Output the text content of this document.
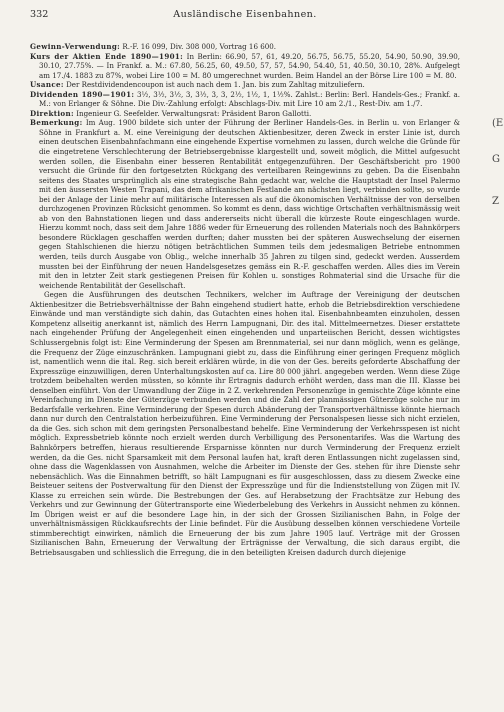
332	Ausländische Eisenbahnen.

Gewinn-Verwendung: R.-F. 16 099, Div. 308 000, Vortrag 16 600.

Kurs der Aktien Ende 1890—1901: In Berlin: 66.90, 57, 61, 49.20, 56.75, 56.75, 55.20, 54.90, 50.90, 39.90, 30.10, 27.75%. — In Frankf. a. M.: 67.80, 56.25, 60, 49.50, 57, 57, 54.90, 54.40, 51, 40.50, 30.10, 28%. Aufgelegt am 17./4. 1883 zu 87%, wobei Lire 100 = M. 80 umgerechnet wurden. Beim Handel an der Börse Lire 100 = M. 80.

Usance: Der Restdividendencoupon ist auch nach dem 1. Jan. bis zum Zahltag mitzuliefern.

Dividenden 1890—1901: 3½, 3½, 3½, 3, 3½, 3, 3, 2½, 1½, 1, 1½%. Zahlst.: Berlin: Berl. Handels-Ges.; Frankf. a. M.: von Erlanger & Söhne. Die Div.-Zahlung erfolgt: Abschlags-Div. mit Lire 10 am 2./1., Rest-Div. am 1./7.

Direktion: Ingenieur G. Seefelder. Verwaltungsrat: Präsident Baron Gallotti.

Bemerkung: Im Aug. 1900 bildete sich unter der Führung der Berliner Handels-Ges. in Berlin u. von Erlanger & Söhne in Frankfurt a. M. eine Vereinigung der deutschen Aktienbesitzer, deren Zweck in erster Linie ist, durch einen deutschen Eisenbahnfachmann eine eingehende Expertise vornehmen zu lassen, durch welche die Gründe für die eingetretene Verschlechterung der Betriebsergebnisse klargestellt und, soweit möglich, die Mittel aufgesucht werden sollen, die Eisenbahn einer besseren Rentabilität entgegenzuführen. Der Geschäftsbericht pro 1900 versucht die Gründe für den fortgesetzten Rückgang des verteilbaren Reingewinns zu geben. Da die Eisenbahn seitens des Staates ursprünglich als eine strategische Bahn gedacht war, welche die Hauptstadt der Insel Palermo mit den äussersten Westen Trapani, das dem afrikanischen Festlande am nächsten liegt, verbinden sollte, so wurde bei der Anlage der Linie mehr auf militärische Interessen als auf die ökonomischen Verhältnisse der von derselben durchzogenen Provinzen Rücksicht genommen. So kommt es denn, dass wichtige Ortschaften verhältnismässig weit ab von den Bahnstationen liegen und dass andererseits nicht überall die kürzeste Route eingeschlagen wurde. Hierzu kommt noch, dass seit dem Jahre 1886 weder für Erneuerung des rollenden Materials noch des Bahnkörpers besondere Rücklagen geschaffen werden durften; daher mussten bei der späteren Auswechselung der eisernen gegen Stahlschienen die hierzu nötigen beträchtlichen Summen teils dem jedesmaligen Betriebe entnommen werden, teils durch Ausgabe von Oblig., welche innerhalb 35 Jahren zu tilgen sind, gedeckt werden. Ausserdem mussten bei der Einführung der neuen Handelsgesetzes gemäss ein R.-F. geschaffen werden. Alles dies im Verein mit den in letzter Zeit stark gestiegenen Preisen für Kohlen u. sonstiges Rohmaterial sind die Ursache für die weichende Rentabilität der Gesellschaft.

Gegen die Ausführungen des deutschen Technikers, welcher im Auftrage der Vereinigung der deutschen Aktienbesitzer die Betriebsverhältnisse der Bahn eingehend studiert hatte, erhob die Betriebsdirektion verschiedene Einwände und man verständigte sich dahin, das Gutachten eines hohen ital. Eisenbahnbeamten einzuholen, dessen Kompetenz allseitig anerkannt ist, nämlich des Herrn Lampugnani, Dir. des ital. Mittelmeernetzes. Dieser erstattete nach eingehender Prüfung der Angelegenheit einen eingehenden und unparteiischen Bericht, dessen wichtigstes Schlussergebnis folgt ist: Eine Verminderung der Spesen am Brennmaterial, sei nur dann möglich, wenn es gelänge, die Frequenz der Züge einzuschränken. Lampugnani giebt zu, dass die Einführung einer geringen Frequenz möglich ist, namentlich wenn die ital. Reg. sich bereit erklären würde, in die von der Ges. bereits geforderte Abschaffung der Expresszüge einzuwilligen, deren Unterhaltungskosten auf ca. Lire 80 000 jährl. angegeben werden. Wenn diese Züge trotzdem beibehalten werden müssten, so könnte ihr Ertragnis dadurch erhöht werden, dass man die III. Klasse bei denselben einführt. Von der Umwandlung der Züge in 2 Z. verkehrenden Personenzüge in gemischte Züge könnte eine Vereinfachung im Dienste der Güterzüge verbunden werden und die Zahl der planmässigen Güterzüge solche nur im Bedarfsfalle verkehren. Eine Verminderung der Spesen durch Abänderung der Transportverhältnisse könnte hiernach dann nur durch den Centralstation herbeizuführen. Eine Verminderung der Personalspesen liesse sich nicht erzielen, da die Ges. sich schon mit dem geringsten Personalbestand behelfe. Eine Verminderung der Verkehrsspesen ist nicht möglich. Expressbetrieb könnte noch erzielt werden durch Verbilligung des Personentarifes. Was die Wartung des Bahnkörpers betreffen, hieraus resultierende Ersparnisse könnten nur durch Verminderung der Frequenz erzielt werden, da die Ges. nicht Sparsamkeit mit dem Personal laufen hat, kraft deren Entlassungen nicht zugelassen sind, ohne dass die Wagenklassen von Ausnahmen, welche die Arbeiter im Dienste der Ges. stehen für ihre Dienste sehr nebensächlich. Was die Einnahmen betrifft, so hält Lampugnani es für ausgeschlossen, dass zu diesem Zwecke eine Beisteuer seitens der Postverwaltung für den Dienst der Expresszüge und für die Indienststellung von Zügen mit IV. Klasse zu erreichen sein würde. Die Bestrebungen der Ges. auf Herabsetzung der Frachtsätze zur Hebung des Verkehrs und zur Gewinnung der Gütertransporte eine Wiederbelebung des Verkehrs in Aussicht nehmen zu können. Im Übrigen weist er auf die besondere Lage hin, in der sich der Grossen Sizilianischen Bahn, in Folge der unverhältnismässigen Rückkaufsrechts der Linie befindet. Für die Ausübung desselben können verschiedene Vorteile stimmberechtigt einwirken, nämlich die Erneuerung der bis zum Jahre 1905 lauf. Verträge mit der Grossen Sizilianischen Bahn, Erneuerung der Verwaltung der Erträgnisse der Verwaltung, die sich daraus ergibt, die Betriebsausgaben und schliesslich die Erregung, die in den beteiligten Kreisen dadurch durch diejenige

(E
G
Z
